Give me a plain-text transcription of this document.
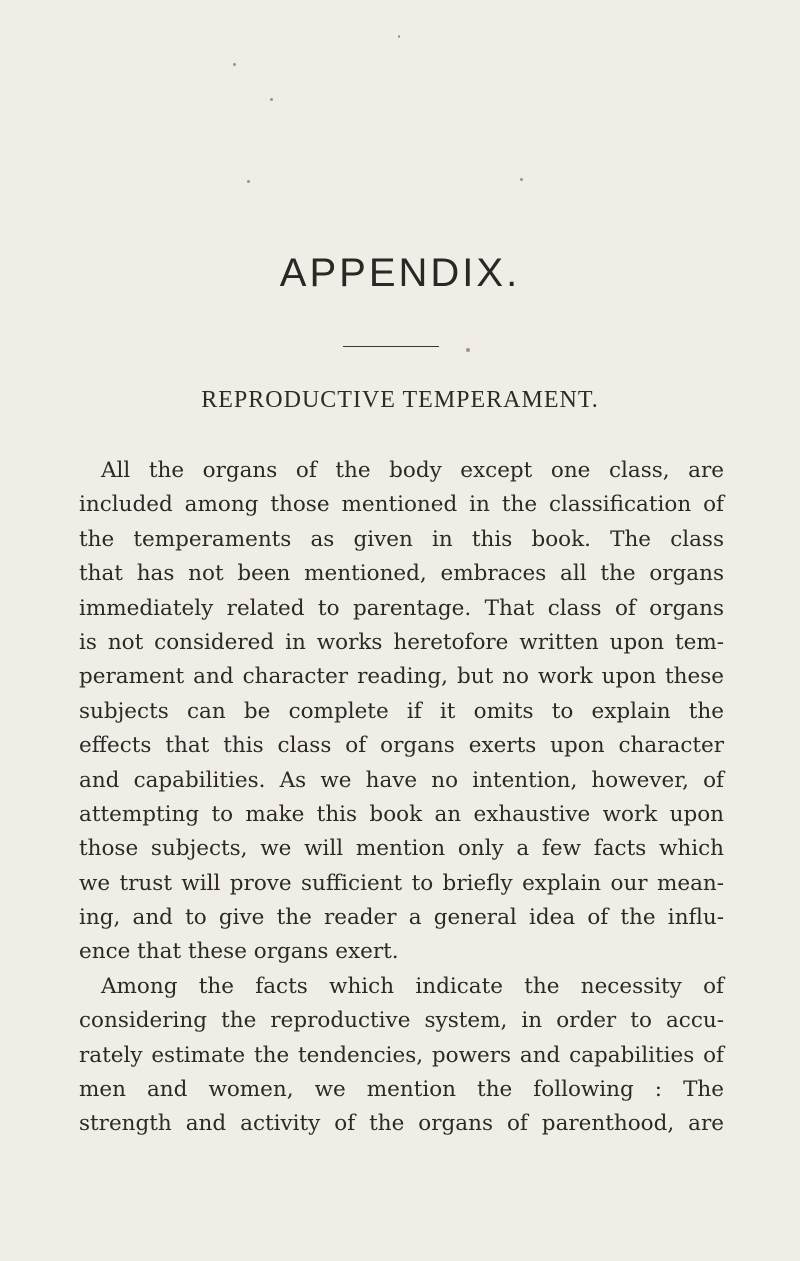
APPENDIX.
REPRODUCTIVE TEMPERAMENT.
All the organs of the body except one class, are
included among those mentioned in the classification of
the temperaments as given in this book. The class
that has not been mentioned, embraces all the organs
immediately related to parentage. That class of organs
is not considered in works heretofore written upon tem-
perament and character reading, but no work upon these
subjects can be complete if it omits to explain the
effects that this class of organs exerts upon character
and capabilities. As we have no intention, however, of
attempting to make this book an exhaustive work upon
those subjects, we will mention only a few facts which
we trust will prove sufficient to briefly explain our mean-
ing, and to give the reader a general idea of the influ-
ence that these organs exert.
Among the facts which indicate the necessity of
considering the reproductive system, in order to accu-
rately estimate the tendencies, powers and capabilities of
men and women, we mention the following : The
strength and activity of the organs of parenthood, are
